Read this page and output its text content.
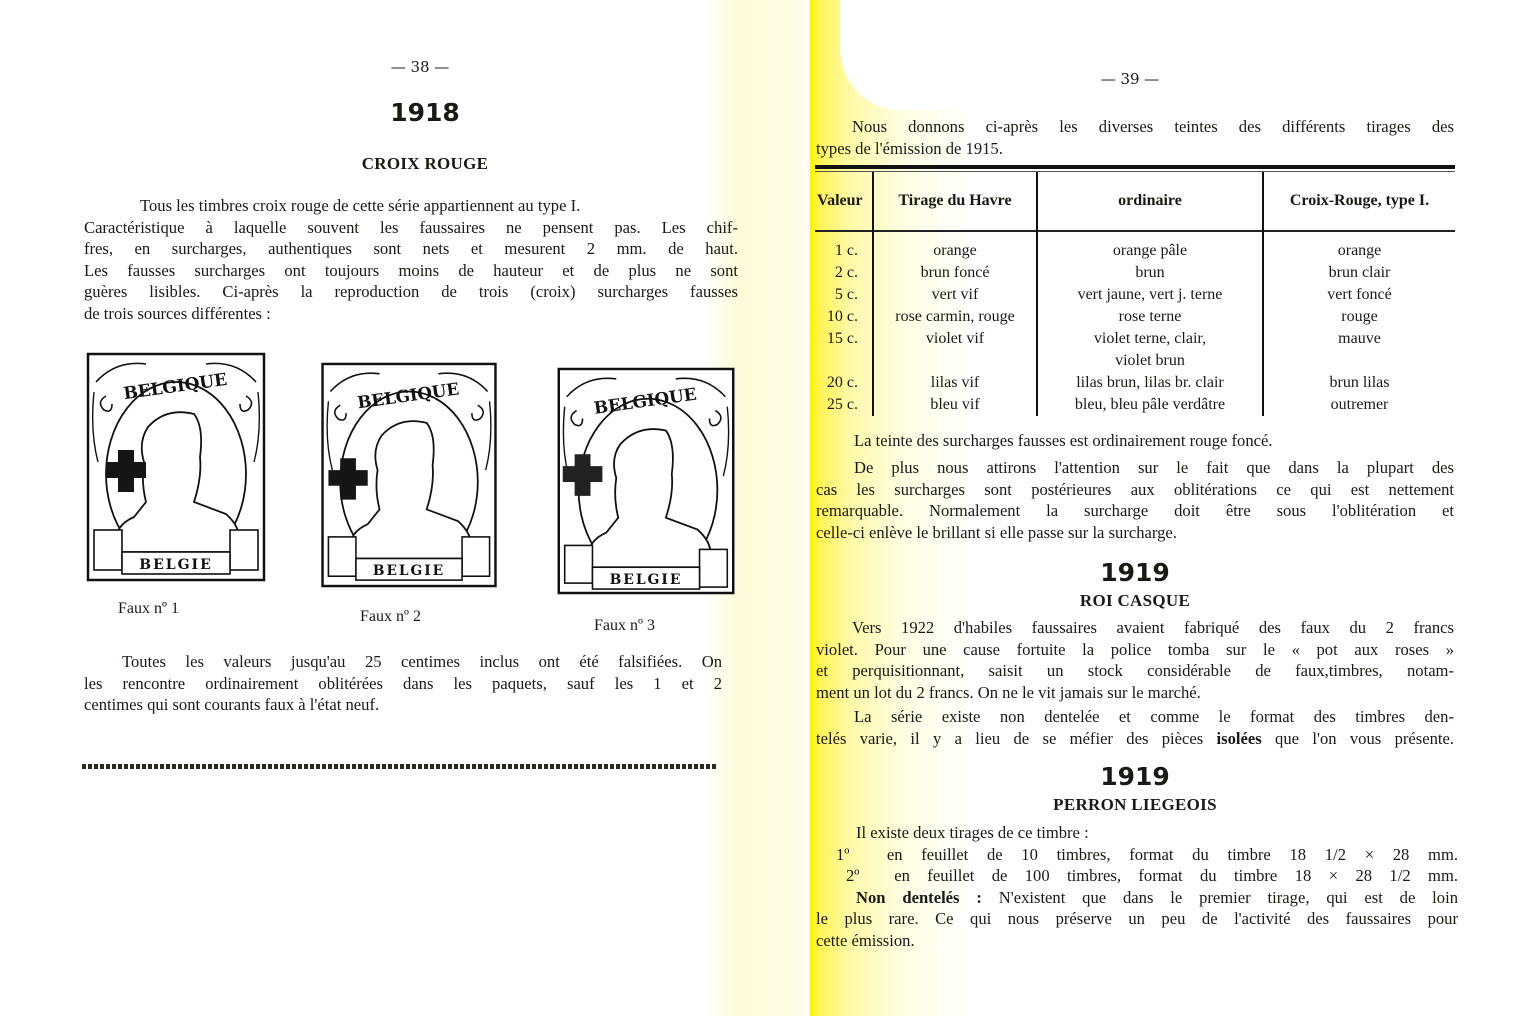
— 38 —
1918
CROIX ROUGE
Tous les timbres croix rouge de cette série appartiennent au type I.
Caractéristique à laquelle souvent les faussaires ne pensent pas. Les chif-
fres, en surcharges, authentiques sont nets et mesurent 2 mm. de haut.
Les fausses surcharges ont toujours moins de hauteur et de plus ne sont
guères lisibles. Ci-après la reproduction de trois (croix) surcharges fausses
de trois sources différentes :
BELGIQUE
BELGIE
Faux nº 1
BELGIQUE
BELGIE
Faux nº 2
BELGIQUE
BELGIE
Faux nº 3
Toutes les valeurs jusqu'au 25 centimes inclus ont été falsifiées. On
les rencontre ordinairement oblitérées dans les paquets, sauf les 1 et 2
centimes qui sont courants faux à l'état neuf.
— 39 —
Nous donnons ci-après les diverses teintes des différents tirages des
types de l'émission de 1915.
Valeur	Tirage du Havre	ordinaire	Croix-Rouge, type I.
1 c.	orange	orange pâle	orange
2 c.	brun foncé	brun	brun clair
5 c.	vert vif	vert jaune, vert j. terne	vert foncé
10 c.	rose carmin, rouge	rose terne	rouge
15 c.	violet vif	violet terne, clair,	mauve
		violet brun	
20 c.	lilas vif	lilas brun, lilas br. clair	brun lilas
25 c.	bleu vif	bleu, bleu pâle verdâtre	outremer
La teinte des surcharges fausses est ordinairement rouge foncé.
De plus nous attirons l'attention sur le fait que dans la plupart des
cas les surcharges sont postérieures aux oblitérations ce qui est nettement
remarquable. Normalement la surcharge doit être sous l'oblitération et
celle-ci enlève le brillant si elle passe sur la surcharge.
1919
ROI CASQUE
Vers 1922 d'habiles faussaires avaient fabriqué des faux du 2 francs
violet. Pour une cause fortuite la police tomba sur le « pot aux roses »
et perquisitionnant, saisit un stock considérable de faux,timbres, notam-
ment un lot du 2 francs. On ne le vit jamais sur le marché.
La série existe non dentelée et comme le format des timbres den-
telés varie, il y a lieu de se méfier des pièces isolées que l'on vous présente.
1919
PERRON LIEGEOIS
Il existe deux tirages de ce timbre :
1º en feuillet de 10 timbres, format du timbre 18 1/2 × 28 mm.
2º en feuillet de 100 timbres, format du timbre 18 × 28 1/2 mm.
Non dentelés : N'existent que dans le premier tirage, qui est de loin
le plus rare. Ce qui nous préserve un peu de l'activité des faussaires pour
cette émission.
